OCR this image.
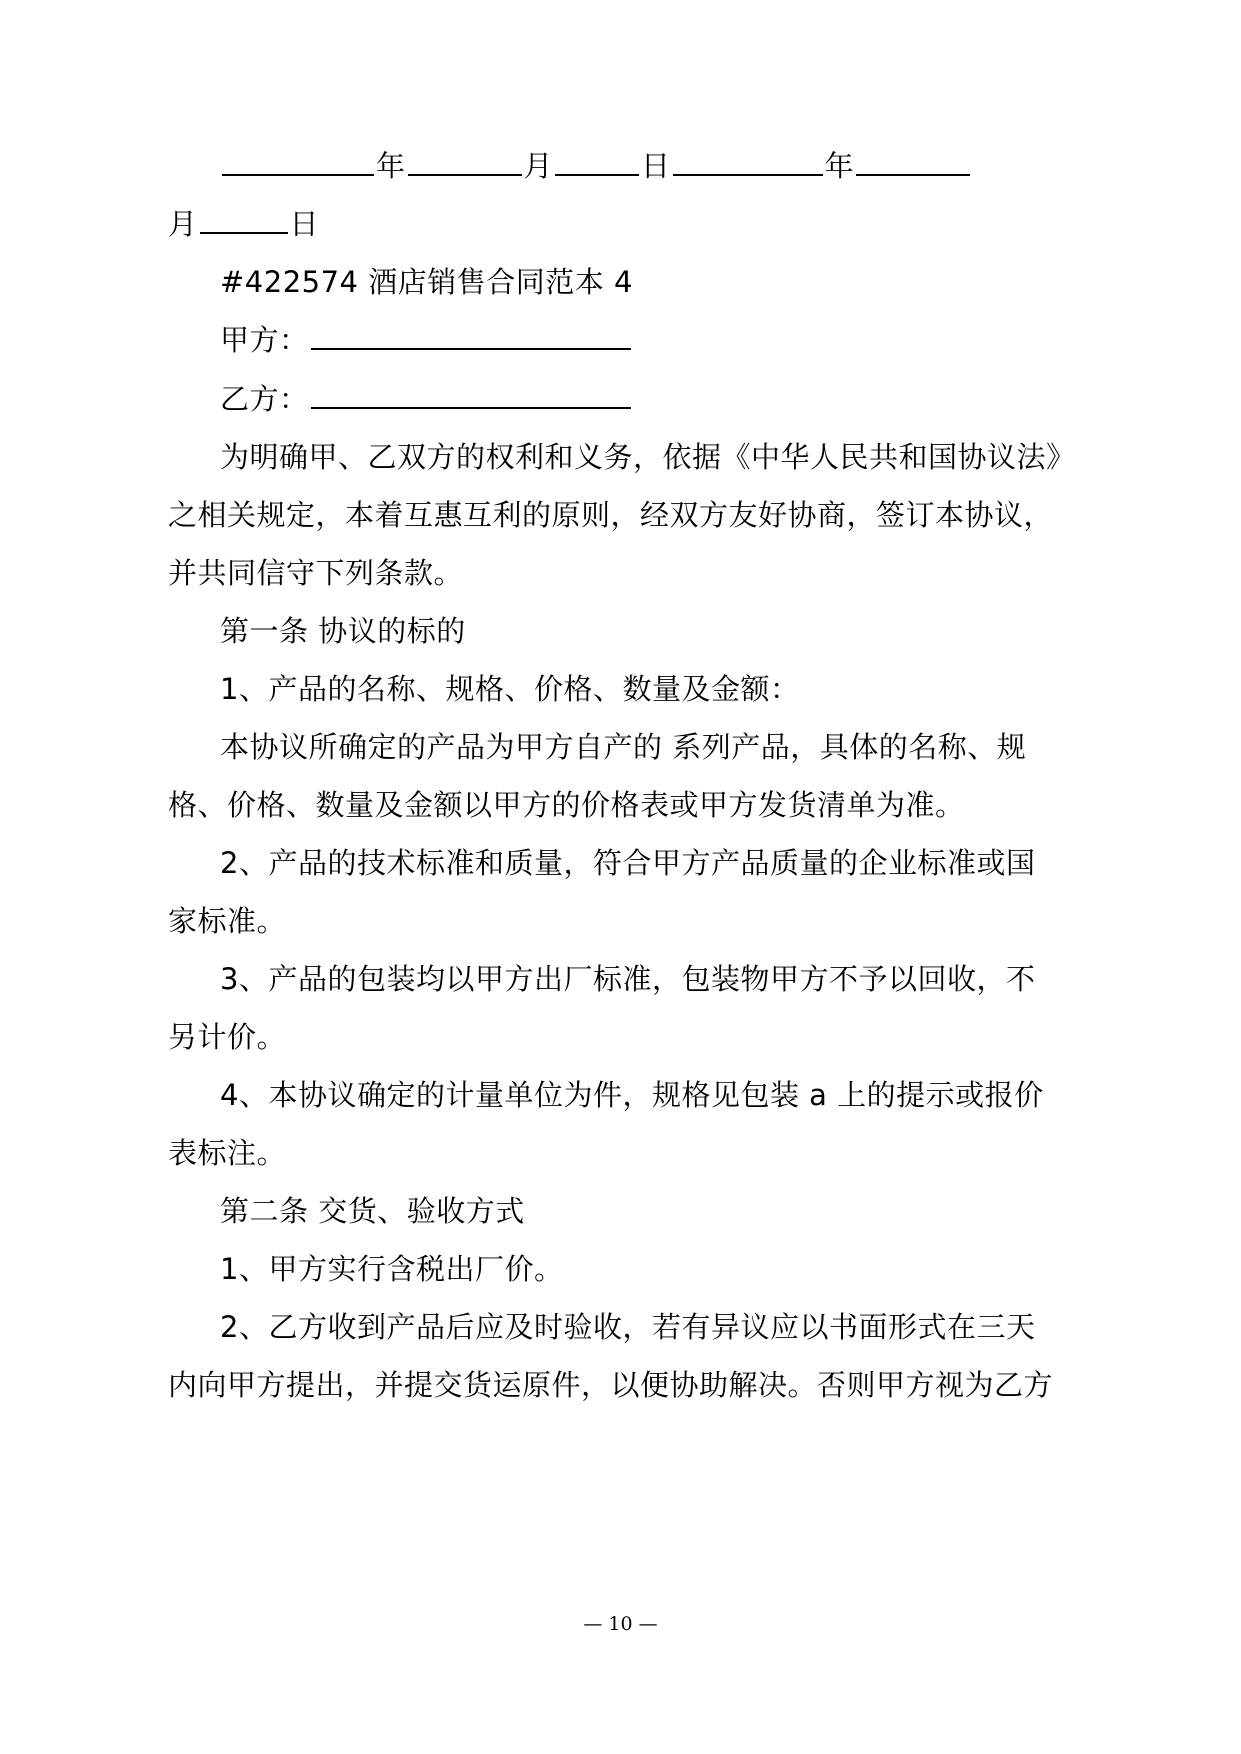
年	月	日	年
月	日
#422574 酒店销售合同范本 4
甲方：
乙方：
为明确甲、乙双方的权利和义务，依据《中华人民共和国协议法》
之相关规定，本着互惠互利的原则，经双方友好协商，签订本协议，
并共同信守下列条款。
第一条 协议的标的
1、产品的名称、规格、价格、数量及金额：
本协议所确定的产品为甲方自产的 系列产品，具体的名称、规
格、价格、数量及金额以甲方的价格表或甲方发货清单为准。
2、产品的技术标准和质量，符合甲方产品质量的企业标准或国
家标准。
3、产品的包装均以甲方出厂标准，包装物甲方不予以回收，不
另计价。
4、本协议确定的计量单位为件，规格见包装 a 上的提示或报价
表标注。
第二条 交货、验收方式
1、甲方实行含税出厂价。
2、乙方收到产品后应及时验收，若有异议应以书面形式在三天
内向甲方提出，并提交货运原件，以便协助解决。否则甲方视为乙方
— 10 —
